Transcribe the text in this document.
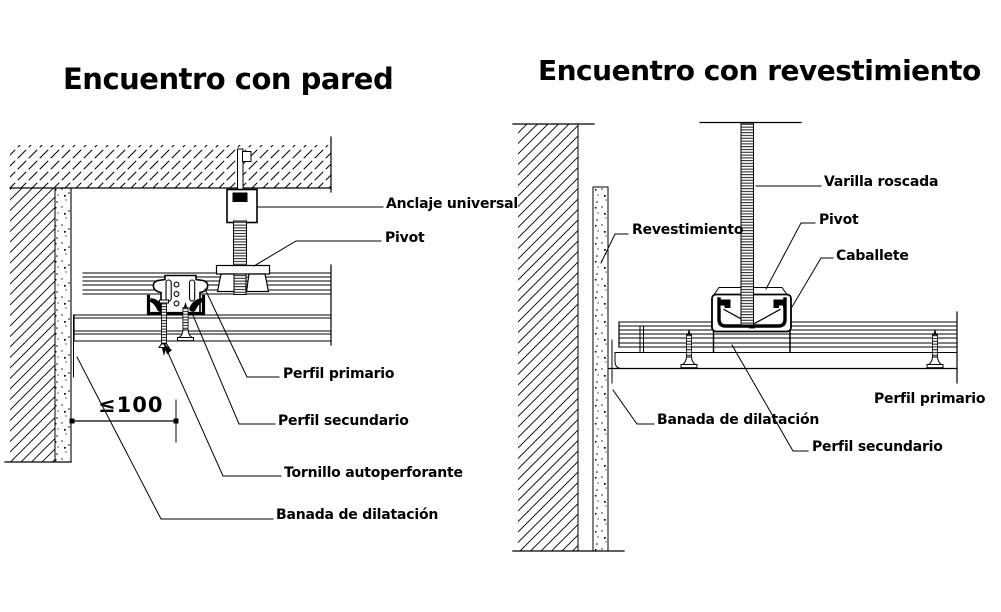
Encuentro con pared	Encuentro con revestimiento
Anclaje universal
Pivot
Perfil primario
Perfil secundario
Tornillo autoperforante
Banada de dilatación
≤100
Varilla roscada
Pivot
Caballete
Revestimiento
Banada de dilatación
Perfil primario
Perfil secundario
